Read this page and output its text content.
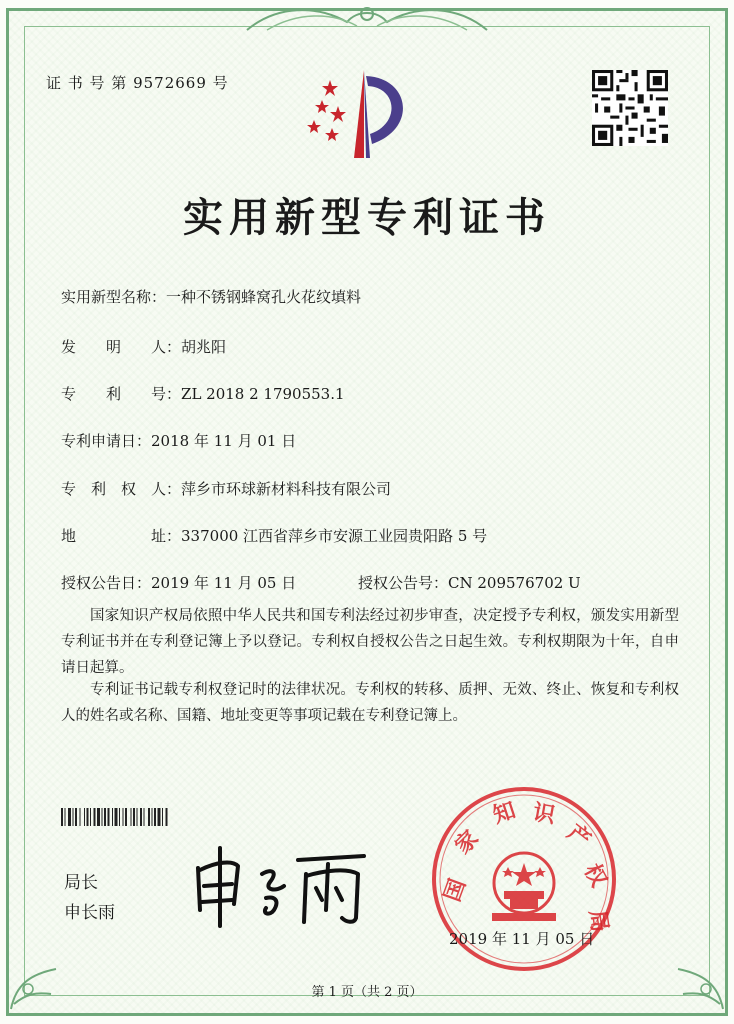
证 书 号 第 9572669 号
实用新型专利证书
实用新型名称：一种不锈钢蜂窝孔火花纹填料
发　　明　　人：胡兆阳
专　　利　　号：ZL 2018 2 1790553.1
专利申请日：2018 年 11 月 01 日
专　利　权　人：萍乡市环球新材料科技有限公司
地　　　　　址：337000 江西省萍乡市安源工业园贵阳路 5 号
授权公告日：2019 年 11 月 05 日	授权公告号：CN 209576702 U
国家知识产权局依照中华人民共和国专利法经过初步审查，决定授予专利权，颁发实用新型专利证书并在专利登记簿上予以登记。专利权自授权公告之日起生效。专利权期限为十年，自申请日起算。
专利证书记载专利权登记时的法律状况。专利权的转移、质押、无效、终止、恢复和专利权人的姓名或名称、国籍、地址变更等事项记载在专利登记簿上。
局长
申长雨
国
家
知 识
产
权
局
2019 年 11 月 05 日
第 1 页（共 2 页）
